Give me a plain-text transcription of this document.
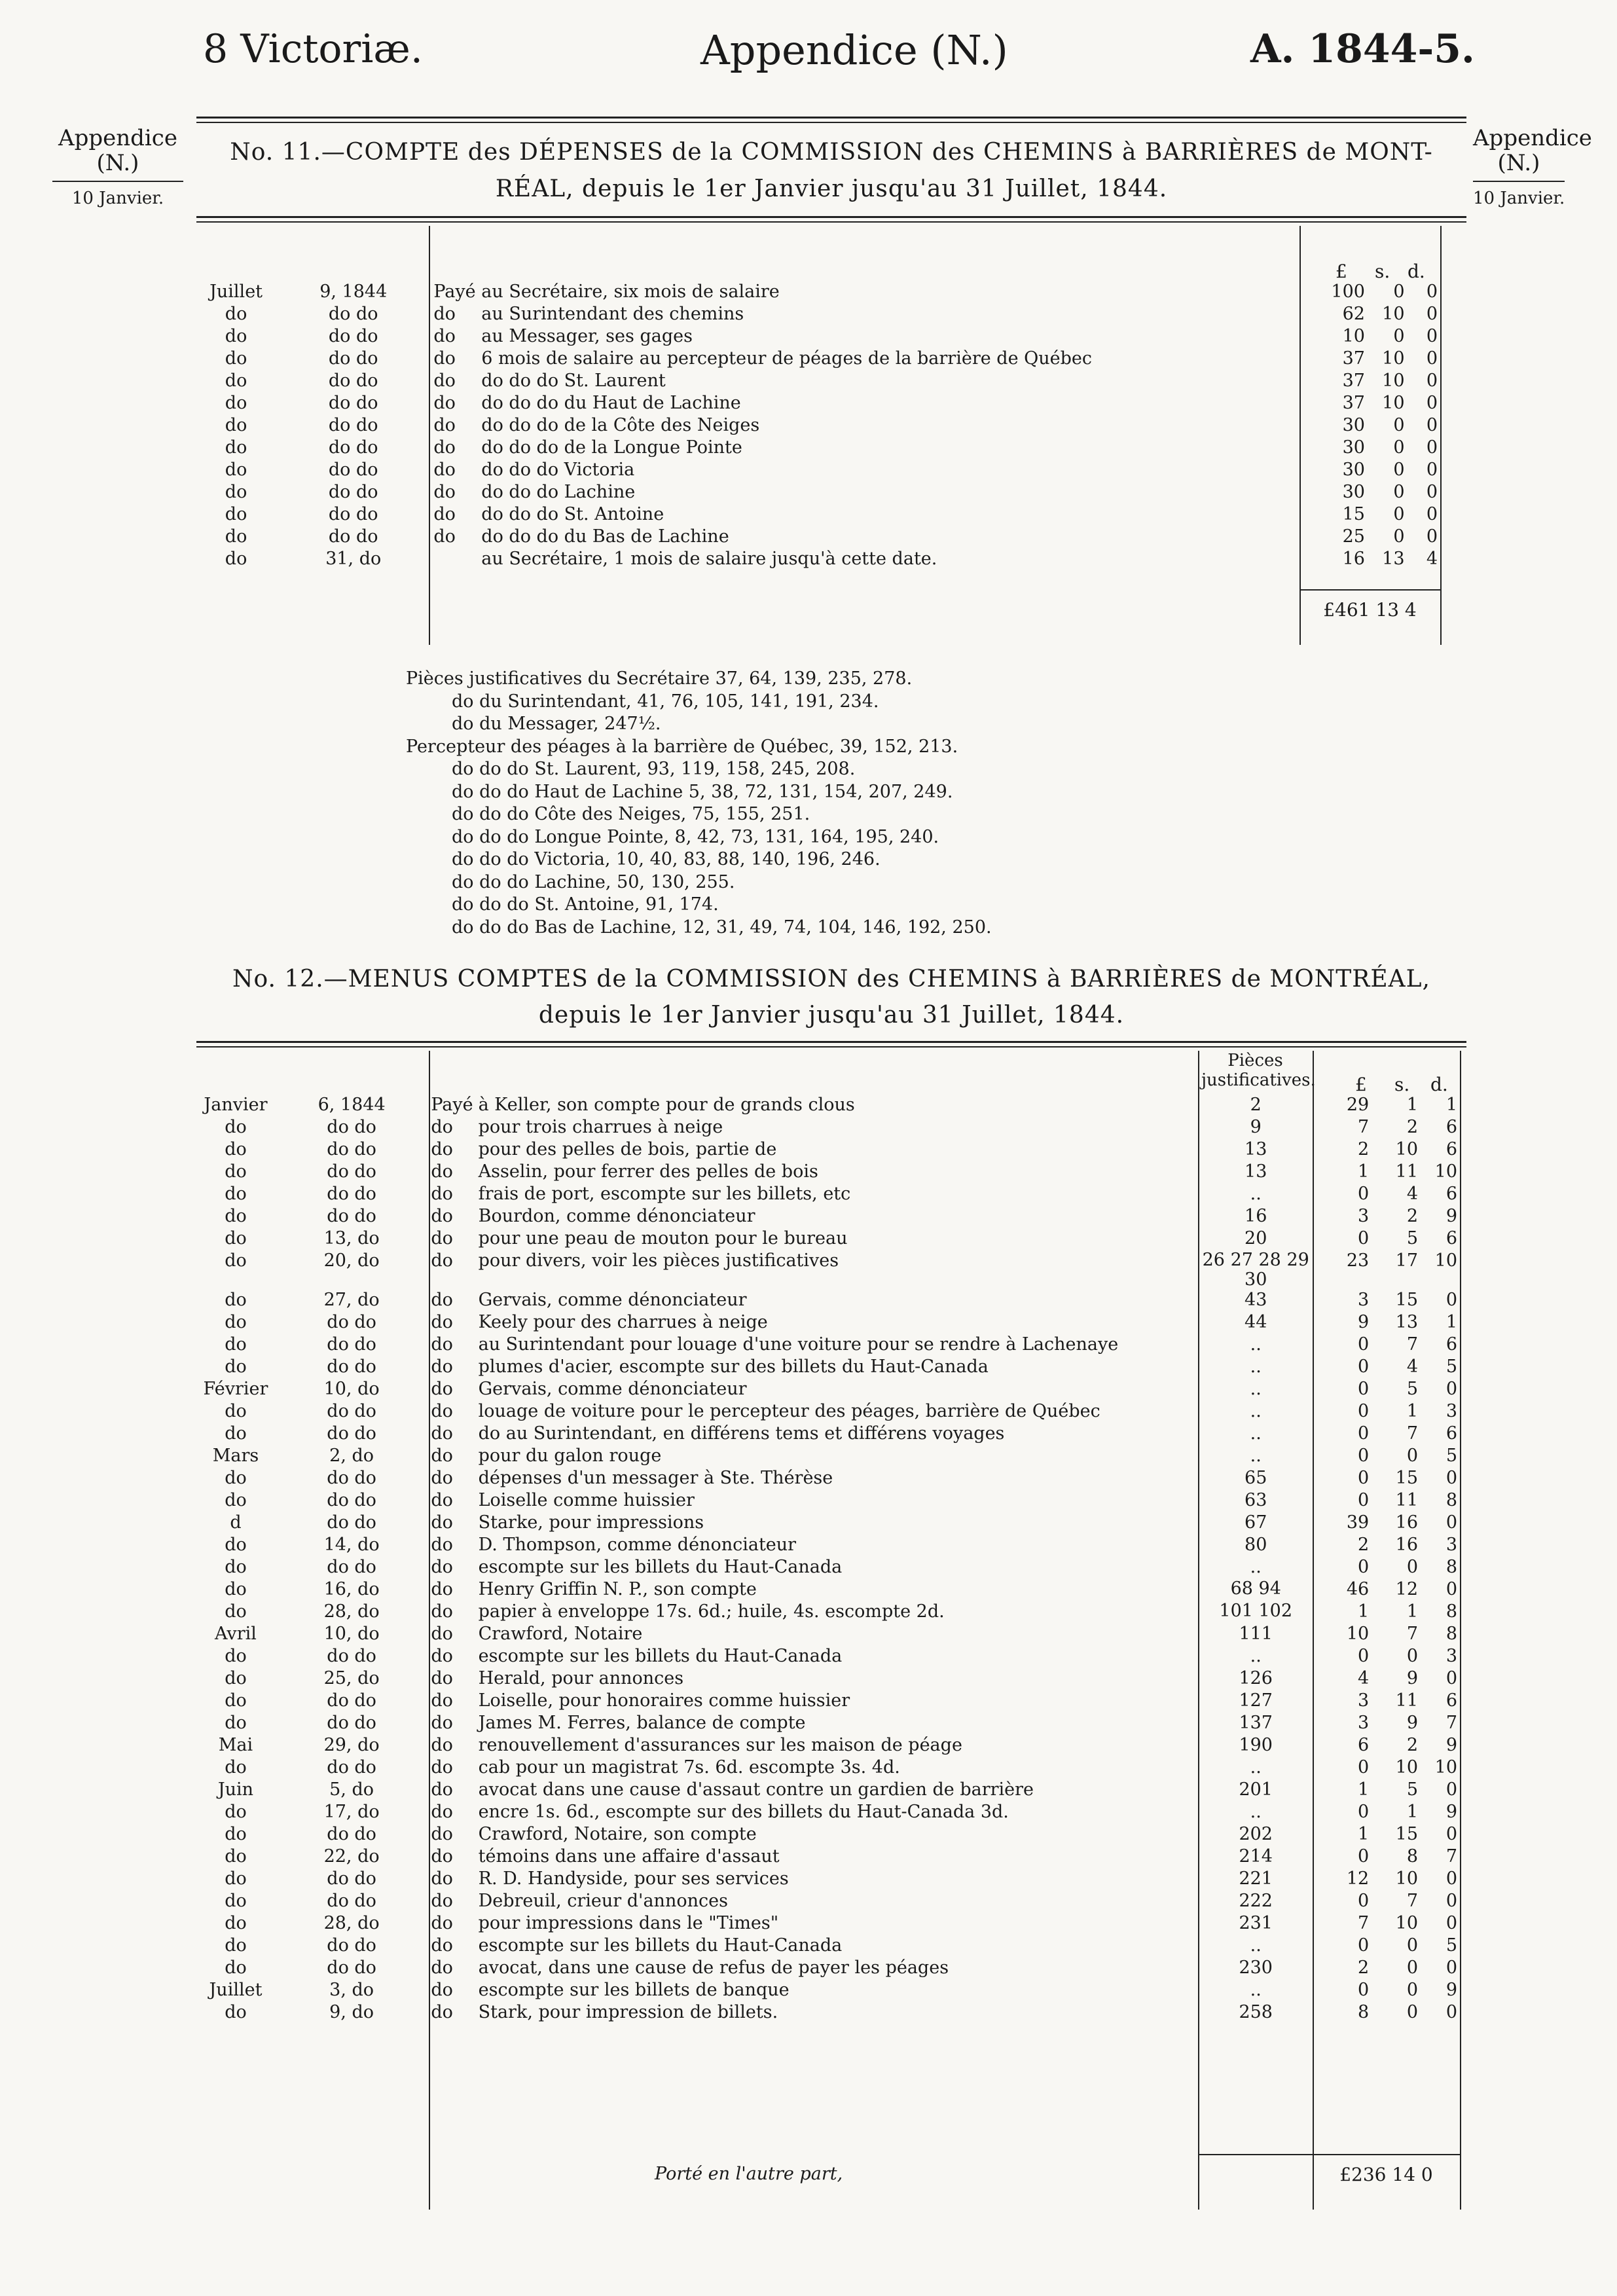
8 Victoriæ.	Appendice (N.)	A. 1844-5.
Appendice
(N.)
10 Janvier.
Appendice
(N.)
10 Janvier.
No. 11.—COMPTE des DÉPENSES de la COMMISSION des CHEMINS à BARRIÈRES de MONT-
RÉAL, depuis le 1er Janvier jusqu'au 31 Juillet, 1844.
£ s. d.
Juillet	9, 1844	Payé	au Secrétaire, six mois de salaire	100	0	0
do	do do	do	au Surintendant des chemins	62	10	0
do	do do	do	au Messager, ses gages	10	0	0
do	do do	do	6 mois de salaire au percepteur de péages de la barrière de Québec	37	10	0
do	do do	do	do do do St. Laurent	37	10	0
do	do do	do	do do do du Haut de Lachine	37	10	0
do	do do	do	do do do de la Côte des Neiges	30	0	0
do	do do	do	do do do de la Longue Pointe	30	0	0
do	do do	do	do do do Victoria	30	0	0
do	do do	do	do do do Lachine	30	0	0
do	do do	do	do do do St. Antoine	15	0	0
do	do do	do	do do do du Bas de Lachine	25	0	0
do	31, do		au Secrétaire, 1 mois de salaire jusqu'à cette date.	16	13	4
£461 13 4
Pièces justificatives du Secrétaire 37, 64, 139, 235, 278.
do du Surintendant, 41, 76, 105, 141, 191, 234.
do du Messager, 247½.
Percepteur des péages à la barrière de Québec, 39, 152, 213.
do do do St. Laurent, 93, 119, 158, 245, 208.
do do do Haut de Lachine 5, 38, 72, 131, 154, 207, 249.
do do do Côte des Neiges, 75, 155, 251.
do do do Longue Pointe, 8, 42, 73, 131, 164, 195, 240.
do do do Victoria, 10, 40, 83, 88, 140, 196, 246.
do do do Lachine, 50, 130, 255.
do do do St. Antoine, 91, 174.
do do do Bas de Lachine, 12, 31, 49, 74, 104, 146, 192, 250.
No. 12.—MENUS COMPTES de la COMMISSION des CHEMINS à BARRIÈRES de MONTRÉAL,
depuis le 1er Janvier jusqu'au 31 Juillet, 1844.
Pièces justificatives. £ s. d.
Janvier	6, 1844	Payé	à Keller, son compte pour de grands clous	2	29	1	1
do	do do	do	pour trois charrues à neige	9	7	2	6
do	do do	do	pour des pelles de bois, partie de	13	2	10	6
do	do do	do	Asselin, pour ferrer des pelles de bois	13	1	11	10
do	do do	do	frais de port, escompte sur les billets, etc	..	0	4	6
do	do do	do	Bourdon, comme dénonciateur	16	3	2	9
do	13, do	do	pour une peau de mouton pour le bureau	20	0	5	6
do	20, do	do	pour divers, voir les pièces justificatives	26 27 28 29 30	23	17	10
do	27, do	do	Gervais, comme dénonciateur	43	3	15	0
do	do do	do	Keely pour des charrues à neige	44	9	13	1
do	do do	do	au Surintendant pour louage d'une voiture pour se rendre à Lachenaye	..	0	7	6
do	do do	do	plumes d'acier, escompte sur des billets du Haut-Canada	..	0	4	5
Février	10, do	do	Gervais, comme dénonciateur	..	0	5	0
do	do do	do	louage de voiture pour le percepteur des péages, barrière de Québec	..	0	1	3
do	do do	do	do au Surintendant, en différens tems et différens voyages	..	0	7	6
Mars	2, do	do	pour du galon rouge	..	0	0	5
do	do do	do	dépenses d'un messager à Ste. Thérèse	65	0	15	0
do	do do	do	Loiselle comme huissier	63	0	11	8
d	do do	do	Starke, pour impressions	67	39	16	0
do	14, do	do	D. Thompson, comme dénonciateur	80	2	16	3
do	do do	do	escompte sur les billets du Haut-Canada	..	0	0	8
do	16, do	do	Henry Griffin N. P., son compte	68 94	46	12	0
do	28, do	do	papier à enveloppe 17s. 6d.; huile, 4s. escompte 2d.	101 102	1	1	8
Avril	10, do	do	Crawford, Notaire	111	10	7	8
do	do do	do	escompte sur les billets du Haut-Canada	..	0	0	3
do	25, do	do	Herald, pour annonces	126	4	9	0
do	do do	do	Loiselle, pour honoraires comme huissier	127	3	11	6
do	do do	do	James M. Ferres, balance de compte	137	3	9	7
Mai	29, do	do	renouvellement d'assurances sur les maison de péage	190	6	2	9
do	do do	do	cab pour un magistrat 7s. 6d. escompte 3s. 4d.	..	0	10	10
Juin	5, do	do	avocat dans une cause d'assaut contre un gardien de barrière	201	1	5	0
do	17, do	do	encre 1s. 6d., escompte sur des billets du Haut-Canada 3d.	..	0	1	9
do	do do	do	Crawford, Notaire, son compte	202	1	15	0
do	22, do	do	témoins dans une affaire d'assaut	214	0	8	7
do	do do	do	R. D. Handyside, pour ses services	221	12	10	0
do	do do	do	Debreuil, crieur d'annonces	222	0	7	0
do	28, do	do	pour impressions dans le "Times"	231	7	10	0
do	do do	do	escompte sur les billets du Haut-Canada	..	0	0	5
do	do do	do	avocat, dans une cause de refus de payer les péages	230	2	0	0
Juillet	3, do	do	escompte sur les billets de banque	..	0	0	9
do	9, do	do	Stark, pour impression de billets.	258	8	0	0
Porté en l'autre part,	£236 14 0
